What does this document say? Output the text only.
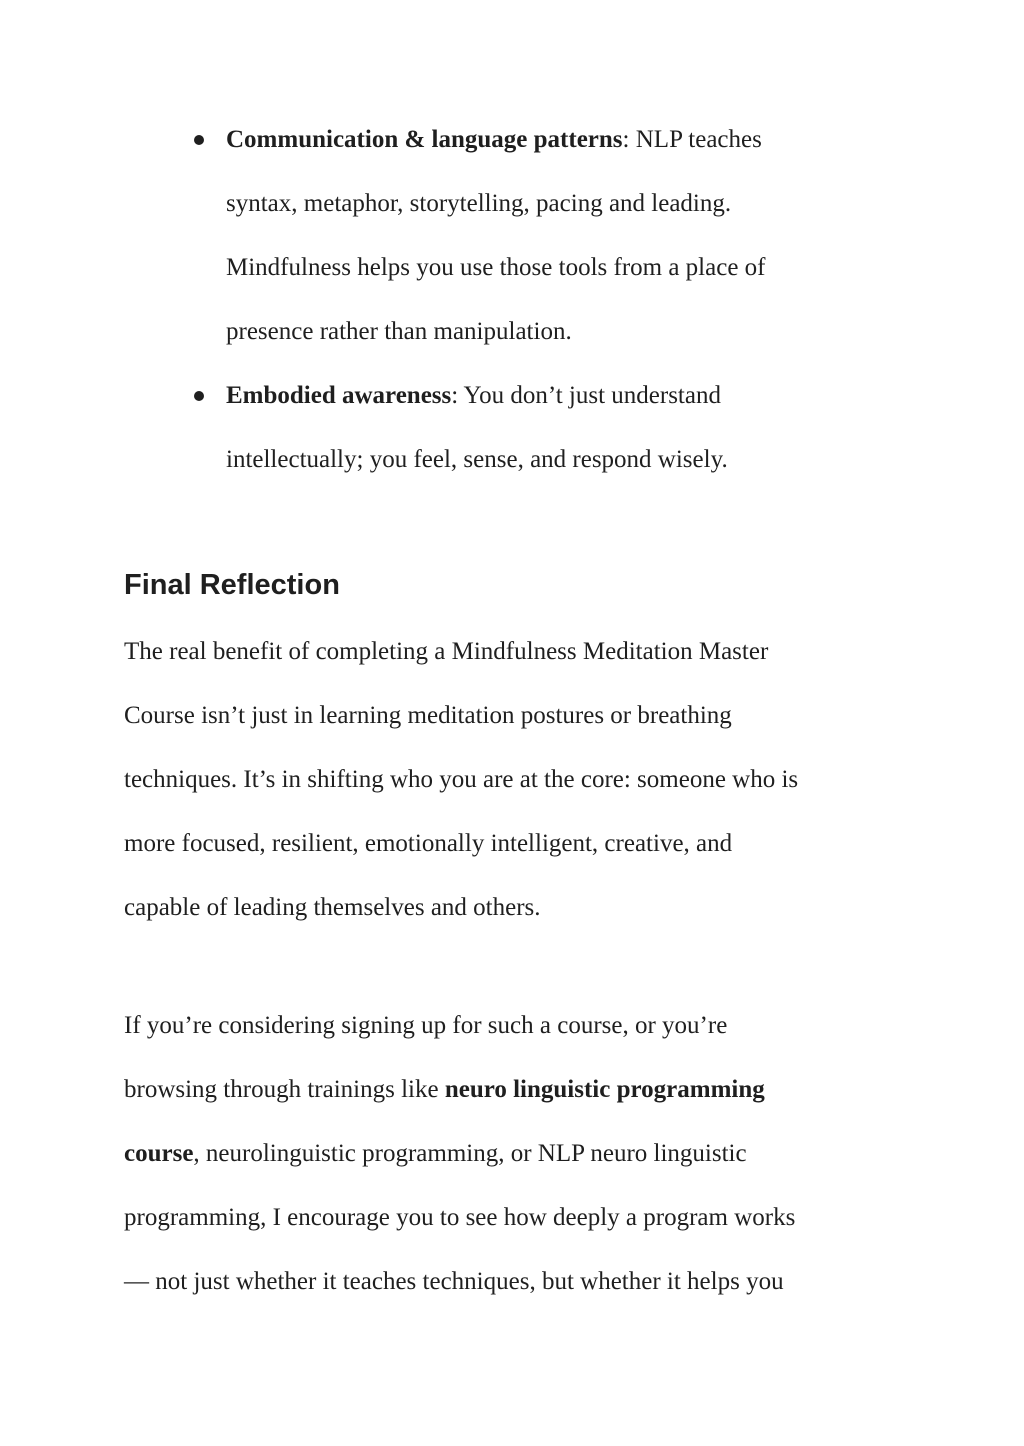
Communication & language patterns: NLP teaches
syntax, metaphor, storytelling, pacing and leading.
Mindfulness helps you use those tools from a place of
presence rather than manipulation.
Embodied awareness: You don’t just understand
intellectually; you feel, sense, and respond wisely.
Final Reflection
The real benefit of completing a Mindfulness Meditation Master
Course isn’t just in learning meditation postures or breathing
techniques. It’s in shifting who you are at the core: someone who is
more focused, resilient, emotionally intelligent, creative, and
capable of leading themselves and others.
If you’re considering signing up for such a course, or you’re
browsing through trainings like neuro linguistic programming
course, neurolinguistic programming, or NLP neuro linguistic
programming, I encourage you to see how deeply a program works
— not just whether it teaches techniques, but whether it helps you
